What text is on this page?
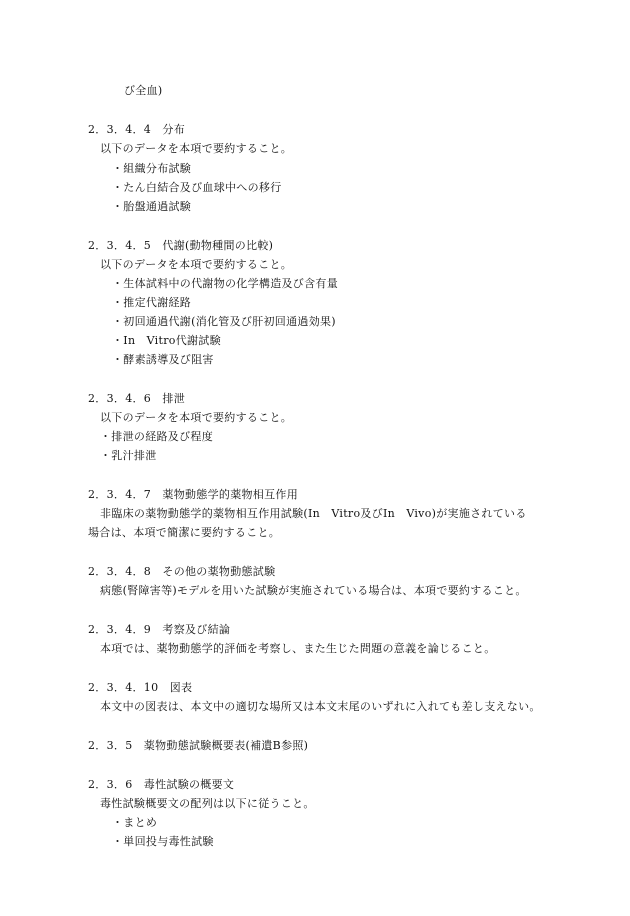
び全血)
2．3．4．4　分布
以下のデータを本項で要約すること。
・組織分布試験
・たん白結合及び血球中への移行
・胎盤通過試験
2．3．4．5　代謝(動物種間の比較)
以下のデータを本項で要約すること。
・生体試料中の代謝物の化学構造及び含有量
・推定代謝経路
・初回通過代謝(消化管及び肝初回通過効果)
・In　Vitro代謝試験
・酵素誘導及び阻害
2．3．4．6　排泄
以下のデータを本項で要約すること。
・排泄の経路及び程度
・乳汁排泄
2．3．4．7　薬物動態学的薬物相互作用
非臨床の薬物動態学的薬物相互作用試験(In　Vitro及びIn　Vivo)が実施されている
場合は、本項で簡潔に要約すること。
2．3．4．8　その他の薬物動態試験
病態(腎障害等)モデルを用いた試験が実施されている場合は、本項で要約すること。
2．3．4．9　考察及び結論
本項では、薬物動態学的評価を考察し、また生じた問題の意義を論じること。
2．3．4．10　図表
本文中の図表は、本文中の適切な場所又は本文末尾のいずれに入れても差し支えない。
2．3．5　薬物動態試験概要表(補遺B参照)
2．3．6　毒性試験の概要文
毒性試験概要文の配列は以下に従うこと。
・まとめ
・単回投与毒性試験
